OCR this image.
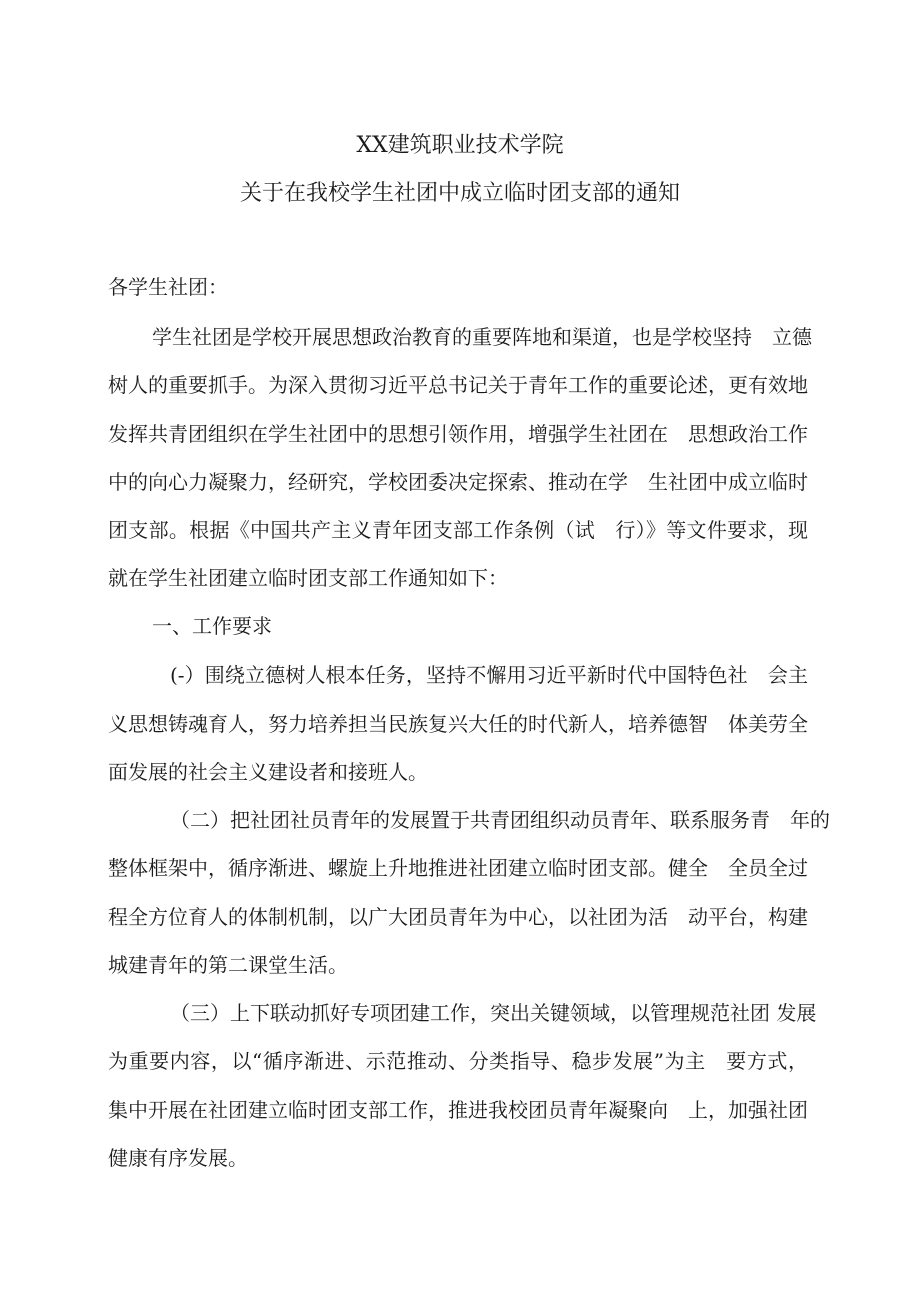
XX建筑职业技术学院
关于在我校学生社团中成立临时团支部的通知
各学生社团：
学生社团是学校开展思想政治教育的重要阵地和渠道，也是学校坚持　立德
树人的重要抓手。为深入贯彻习近平总书记关于青年工作的重要论述，更有效地
发挥共青团组织在学生社团中的思想引领作用，增强学生社团在　思想政治工作
中的向心力凝聚力，经研究，学校团委决定探索、推动在学　生社团中成立临时
团支部。根据《中国共产主义青年团支部工作条例（试　行）》等文件要求，现
就在学生社团建立临时团支部工作通知如下：
一、工作要求
(-）围绕立德树人根本任务，坚持不懈用习近平新时代中国特色社　会主
义思想铸魂育人，努力培养担当民族复兴大任的时代新人，培养德智　体美劳全
面发展的社会主义建设者和接班人。
（二）把社团社员青年的发展置于共青团组织动员青年、联系服务青　年的
整体框架中，循序渐进、螺旋上升地推进社团建立临时团支部。健全　全员全过
程全方位育人的体制机制，以广大团员青年为中心，以社团为活　动平台，构建
城建青年的第二课堂生活。
（三）上下联动抓好专项团建工作，突出关键领域，以管理规范社团 发展
为重要内容，以“循序渐进、示范推动、分类指导、稳步发展”为主　要方式，
集中开展在社团建立临时团支部工作，推进我校团员青年凝聚向　上，加强社团
健康有序发展。
